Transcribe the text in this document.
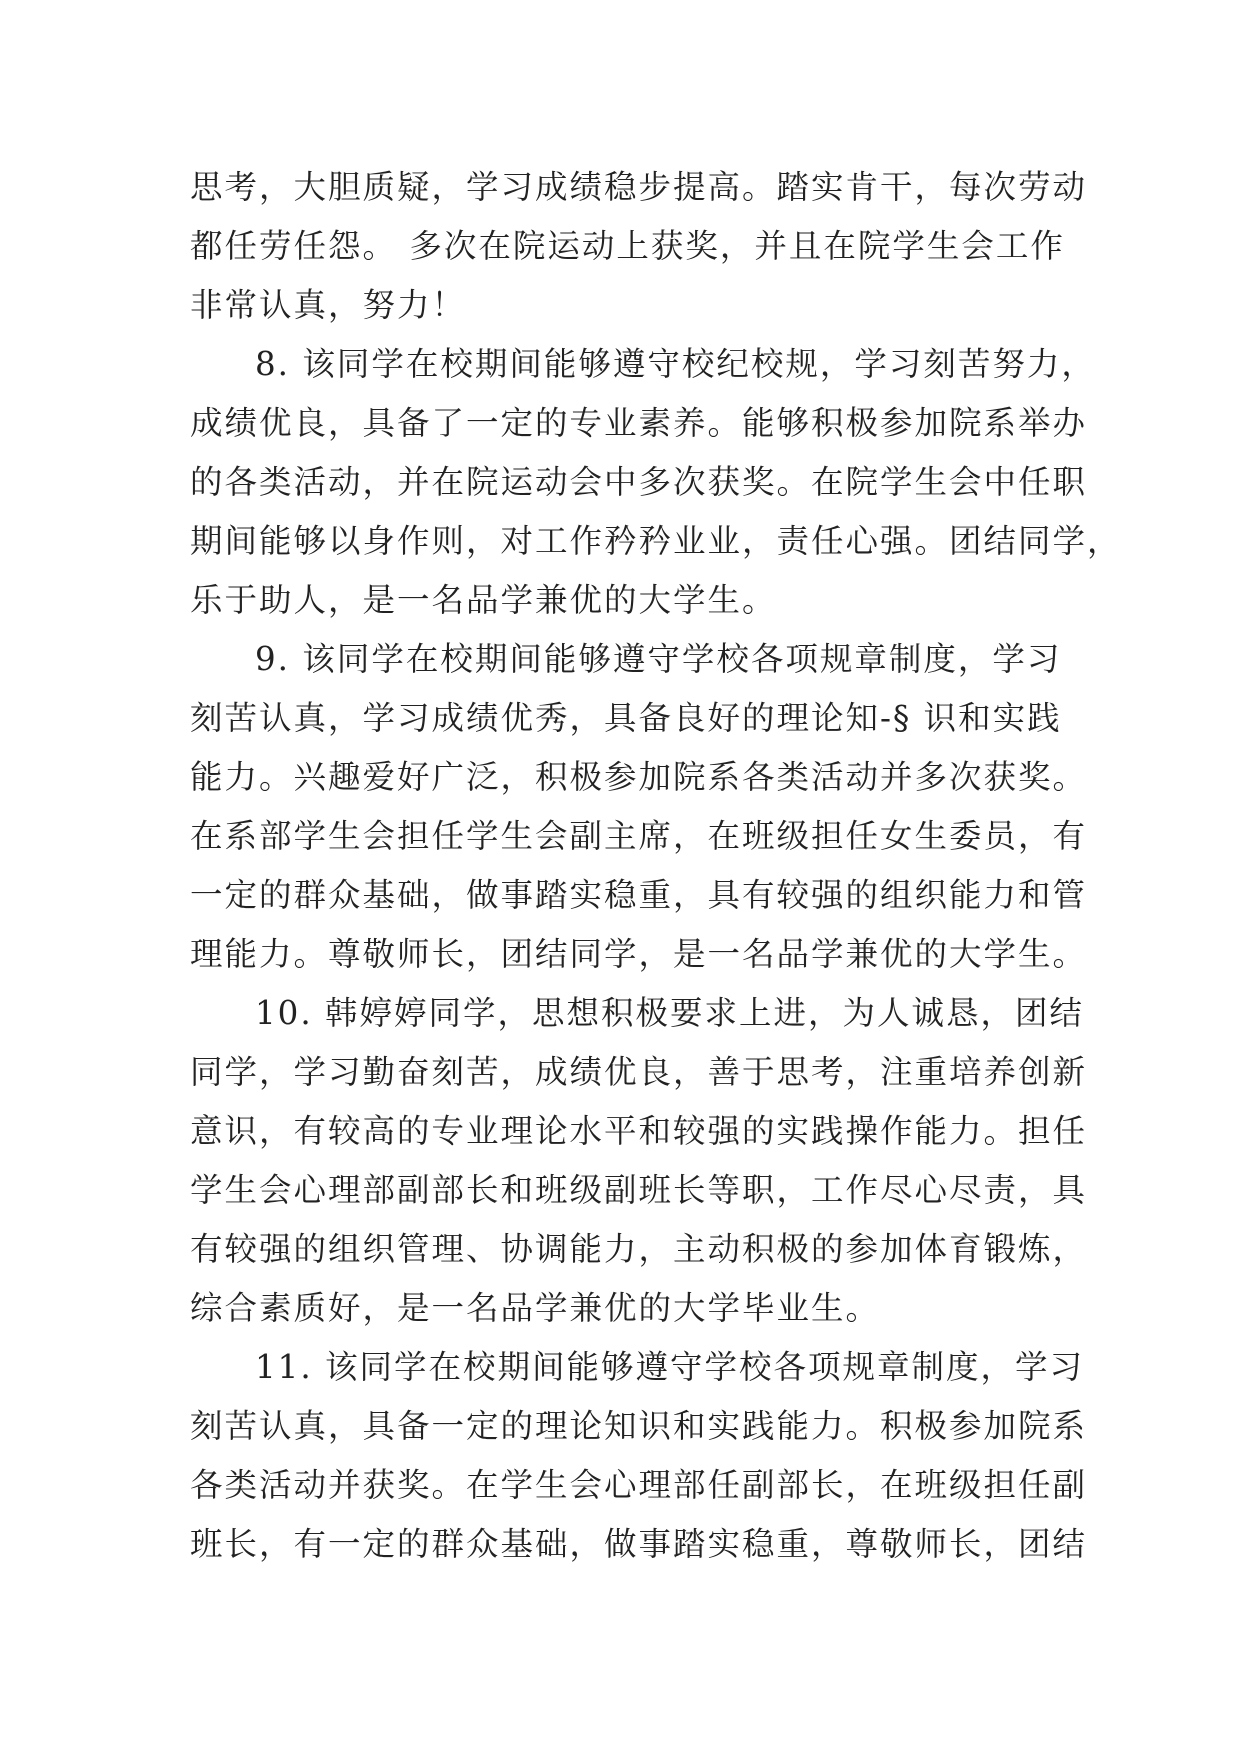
思考，大胆质疑，学习成绩稳步提高。踏实肯干，每次劳动
都任劳任怨。 多次在院运动上获奖，并且在院学生会工作
非常认真，努力！
8. 该同学在校期间能够遵守校纪校规，学习刻苦努力，
成绩优良，具备了一定的专业素养。能够积极参加院系举办
的各类活动，并在院运动会中多次获奖。在院学生会中任职
期间能够以身作则，对工作矜矜业业，责任心强。团结同学，
乐于助人，是一名品学兼优的大学生。
9. 该同学在校期间能够遵守学校各项规章制度，学习
刻苦认真，学习成绩优秀，具备良好的理论知-§ 识和实践
能力。兴趣爱好广泛，积极参加院系各类活动并多次获奖。
在系部学生会担任学生会副主席，在班级担任女生委员，有
一定的群众基础，做事踏实稳重，具有较强的组织能力和管
理能力。尊敬师长，团结同学，是一名品学兼优的大学生。
10. 韩婷婷同学，思想积极要求上进，为人诚恳，团结
同学，学习勤奋刻苦，成绩优良，善于思考，注重培养创新
意识，有较高的专业理论水平和较强的实践操作能力。担任
学生会心理部副部长和班级副班长等职，工作尽心尽责，具
有较强的组织管理、协调能力，主动积极的参加体育锻炼，
综合素质好，是一名品学兼优的大学毕业生。
11. 该同学在校期间能够遵守学校各项规章制度，学习
刻苦认真，具备一定的理论知识和实践能力。积极参加院系
各类活动并获奖。在学生会心理部任副部长，在班级担任副
班长，有一定的群众基础，做事踏实稳重，尊敬师长，团结
